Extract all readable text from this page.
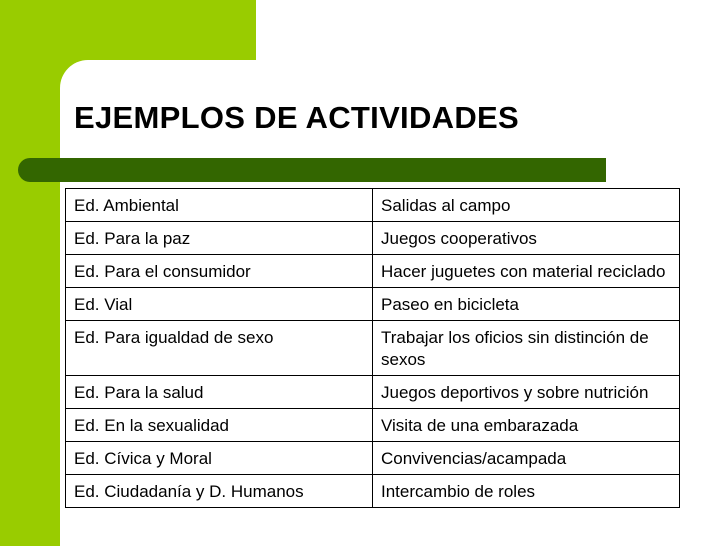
EJEMPLOS DE ACTIVIDADES
Ed. Ambiental	Salidas al campo
Ed. Para la paz	Juegos cooperativos
Ed. Para el consumidor	Hacer juguetes con material reciclado
Ed. Vial	Paseo en bicicleta
Ed. Para igualdad de sexo	Trabajar los oficios sin distinción de sexos
Ed. Para la salud	Juegos deportivos y sobre nutrición
Ed. En la sexualidad	Visita de una embarazada
Ed. Cívica y Moral	Convivencias/acampada
Ed. Ciudadanía y D. Humanos	Intercambio de roles
